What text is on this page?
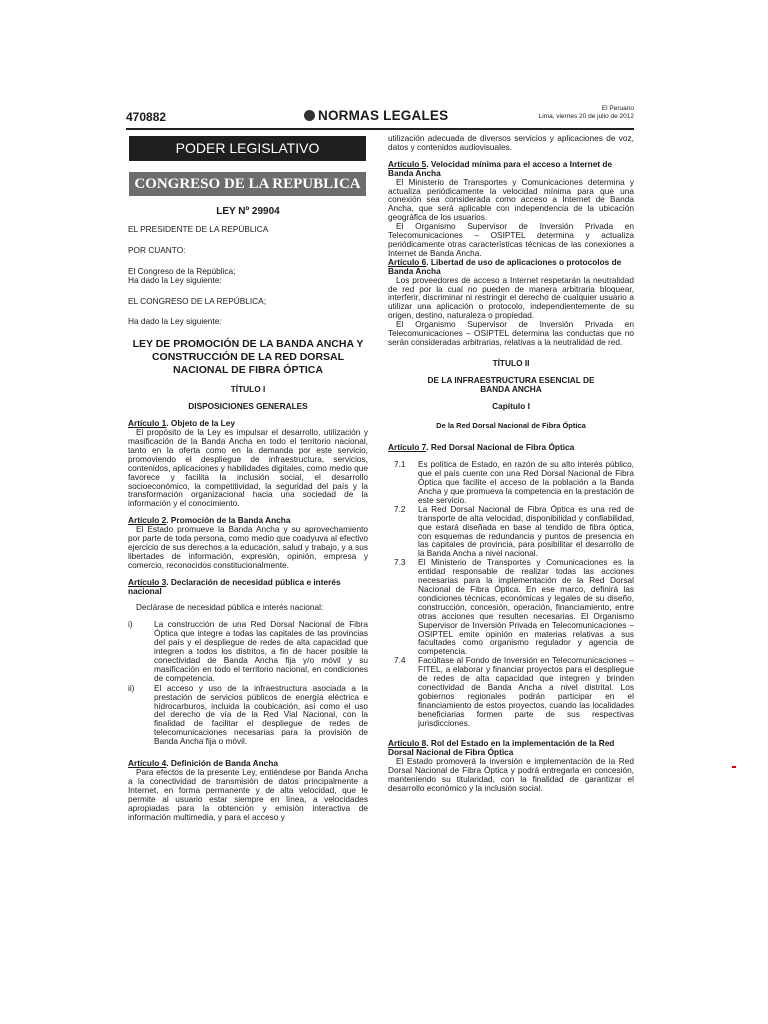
470882	NORMAS LEGALES	El Peruano
Lima, viernes 20 de julio de 2012
PODER LEGISLATIVO
CONGRESO DE LA REPUBLICA

LEY Nº 29904

EL PRESIDENTE DE LA REPÚBLICA

POR CUANTO:

El Congreso de la República;

Ha dado la Ley siguiente:

EL CONGRESO DE LA REPÚBLICA;

Ha dado la Ley siguiente:

LEY DE PROMOCIÓN DE LA BANDA ANCHA Y CONSTRUCCIÓN DE LA RED DORSAL NACIONAL DE FIBRA ÓPTICA

TÍTULO I

DISPOSICIONES GENERALES

Artículo 1. Objeto de la Ley

El propósito de la Ley es impulsar el desarrollo, utilización y masificación de la Banda Ancha en todo el territorio nacional, tanto en la oferta como en la demanda por este servicio, promoviendo el despliegue de infraestructura, servicios, contenidos, aplicaciones y habilidades digitales, como medio que favorece y facilita la inclusión social, el desarrollo socioeconómico, la competitividad, la seguridad del país y la transformación organizacional hacia una sociedad de la información y el conocimiento.

Artículo 2. Promoción de la Banda Ancha

El Estado promueve la Banda Ancha y su aprovechamiento por parte de toda persona, como medio que coadyuva al efectivo ejercicio de sus derechos a la educación, salud y trabajo, y a sus libertades de información, expresión, opinión, empresa y comercio, reconocidos constitucionalmente.

Artículo 3. Declaración de necesidad pública e interés nacional

Declárase de necesidad pública e interés nacional:

i)	La construcción de una Red Dorsal Nacional de Fibra Óptica que integre a todas las capitales de las provincias del país y el despliegue de redes de alta capacidad que integren a todos los distritos, a fin de hacer posible la conectividad de Banda Ancha fija y/o móvil y su masificación en todo el territorio nacional, en condiciones de competencia.
ii) El acceso y uso de la infraestructura asociada a la prestación de servicios públicos de energía eléctrica e hidrocarburos, incluida la coubicación, así como el uso del derecho de vía de la Red Vial Nacional, con la finalidad de facilitar el despliegue de redes de telecomunicaciones necesarias para la provisión de Banda Ancha fija o móvil.

Artículo 4. Definición de Banda Ancha

Para efectos de la presente Ley, entiéndese por Banda Ancha a la conectividad de transmisión de datos principalmente a Internet, en forma permanente y de alta velocidad, que le permite al usuario estar siempre en línea, a velocidades apropiadas para la obtención y emisión interactiva de información multimedia, y para el acceso y

utilización adecuada de diversos servicios y aplicaciones de voz, datos y contenidos audiovisuales.

Artículo 5. Velocidad mínima para el acceso a Internet de Banda Ancha

El Ministerio de Transportes y Comunicaciones determina y actualiza periódicamente la velocidad mínima para que una conexión sea considerada como acceso a Internet de Banda Ancha, que será aplicable con independencia de la ubicación geográfica de los usuarios.

El Organismo Supervisor de Inversión Privada en Telecomunicaciones – OSIPTEL determina y actualiza periódicamente otras características técnicas de las conexiones a Internet de Banda Ancha.

Artículo 6. Libertad de uso de aplicaciones o protocolos de Banda Ancha

Los proveedores de acceso a Internet respetarán la neutralidad de red por la cual no pueden de manera arbitraria bloquear, interferir, discriminar ni restringir el derecho de cualquier usuario a utilizar una aplicación o protocolo, independientemente de su origen, destino, naturaleza o propiedad.

El Organismo Supervisor de Inversión Privada en Telecomunicaciones – OSIPTEL determina las conductas que no serán consideradas arbitrarias, relativas a la neutralidad de red.

TÍTULO II

DE LA INFRAESTRUCTURA ESENCIAL DE BANDA ANCHA

Capítulo I

De la Red Dorsal Nacional de Fibra Óptica

Artículo 7. Red Dorsal Nacional de Fibra Óptica

7.1 Es política de Estado, en razón de su alto interés público, que el país cuente con una Red Dorsal Nacional de Fibra Óptica que facilite el acceso de la población a la Banda Ancha y que promueva la competencia en la prestación de este servicio.
7.2 La Red Dorsal Nacional de Fibra Óptica es una red de transporte de alta velocidad, disponibilidad y confiabilidad, que estará diseñada en base al tendido de fibra óptica, con esquemas de redundancia y puntos de presencia en las capitales de provincia, para posibilitar el desarrollo de la Banda Ancha a nivel nacional.
7.3 El Ministerio de Transportes y Comunicaciones es la entidad responsable de realizar todas las acciones necesarias para la implementación de la Red Dorsal Nacional de Fibra Óptica. En ese marco, definirá las condiciones técnicas, económicas y legales de su diseño, construcción, concesión, operación, financiamiento, entre otras acciones que resulten necesarias. El Organismo Supervisor de Inversión Privada en Telecomunicaciones – OSIPTEL emite opinión en materias relativas a sus facultades como organismo regulador y agencia de competencia.
7.4 Facúltase al Fondo de Inversión en Telecomunicaciones – FITEL, a elaborar y financiar proyectos para el despliegue de redes de alta capacidad que integren y brinden conectividad de Banda Ancha a nivel distrital. Los gobiernos regionales podrán participar en el financiamiento de estos proyectos, cuando las localidades beneficiarias formen parte de sus respectivas jurisdicciones.

Artículo 8. Rol del Estado en la implementación de la Red Dorsal Nacional de Fibra Óptica

El Estado promoverá la inversión e implementación de la Red Dorsal Nacional de Fibra Óptica y podrá entregarla en concesión, manteniendo su titularidad, con la finalidad de garantizar el desarrollo económico y la inclusión social.
